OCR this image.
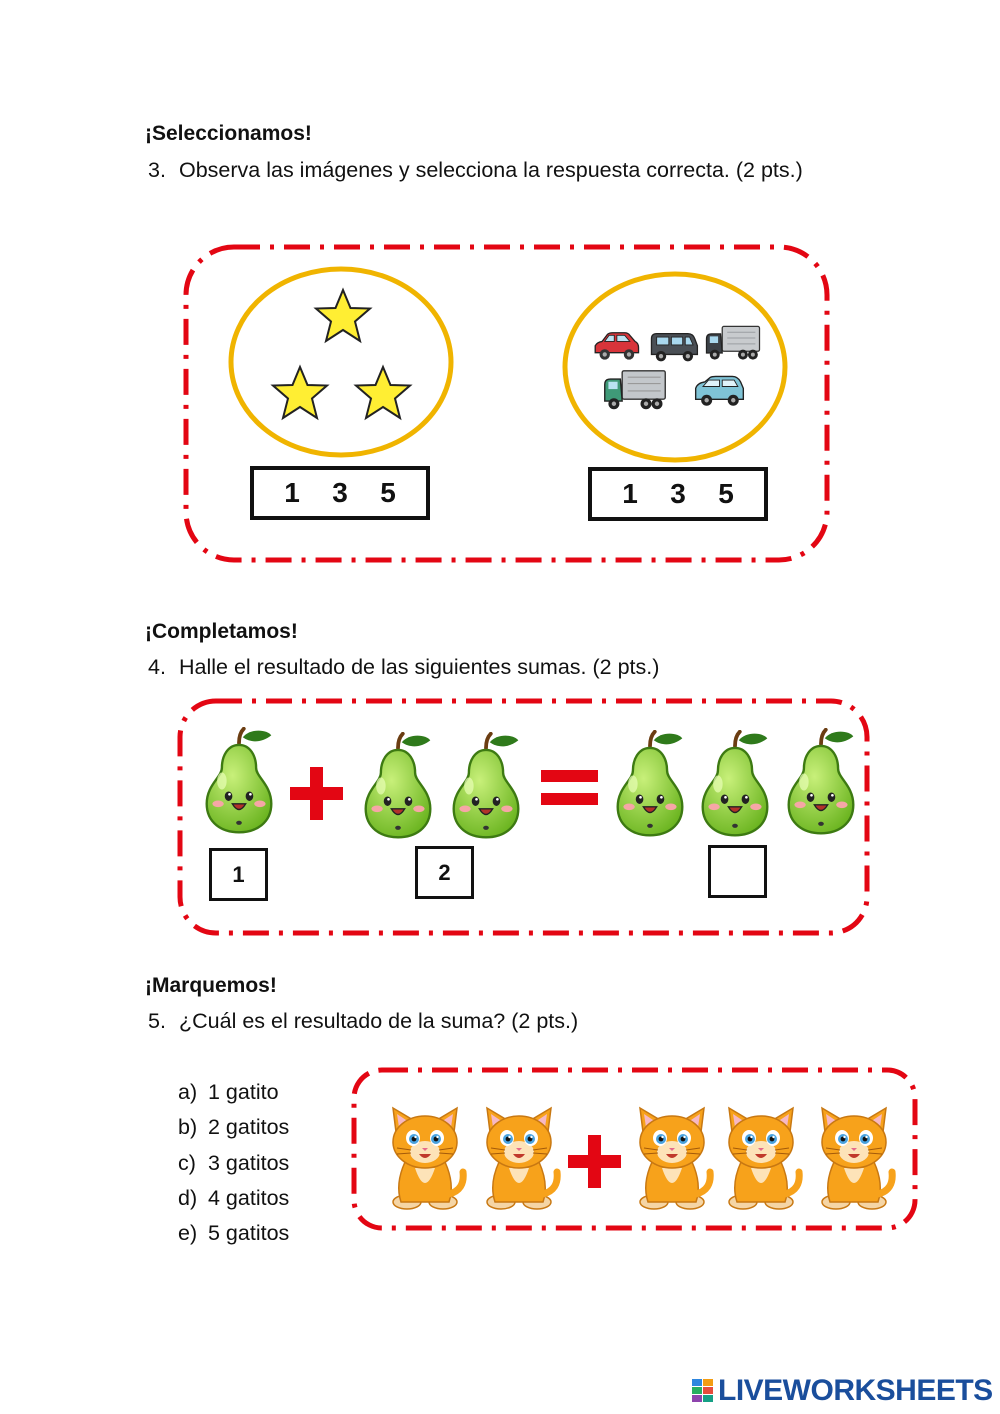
¡Seleccionamos!
3. Observa las imágenes y selecciona la respuesta correcta. (2 pts.)
1 3 5	1 3 5
¡Completamos!
4. Halle el resultado de las siguientes sumas. (2 pts.)
1	2
¡Marquemos!
5. ¿Cuál es el resultado de la suma? (2 pts.)
a) 1 gatito
b) 2 gatitos
c) 3 gatitos
d) 4 gatitos
e) 5 gatitos
LIVEWORKSHEETS
